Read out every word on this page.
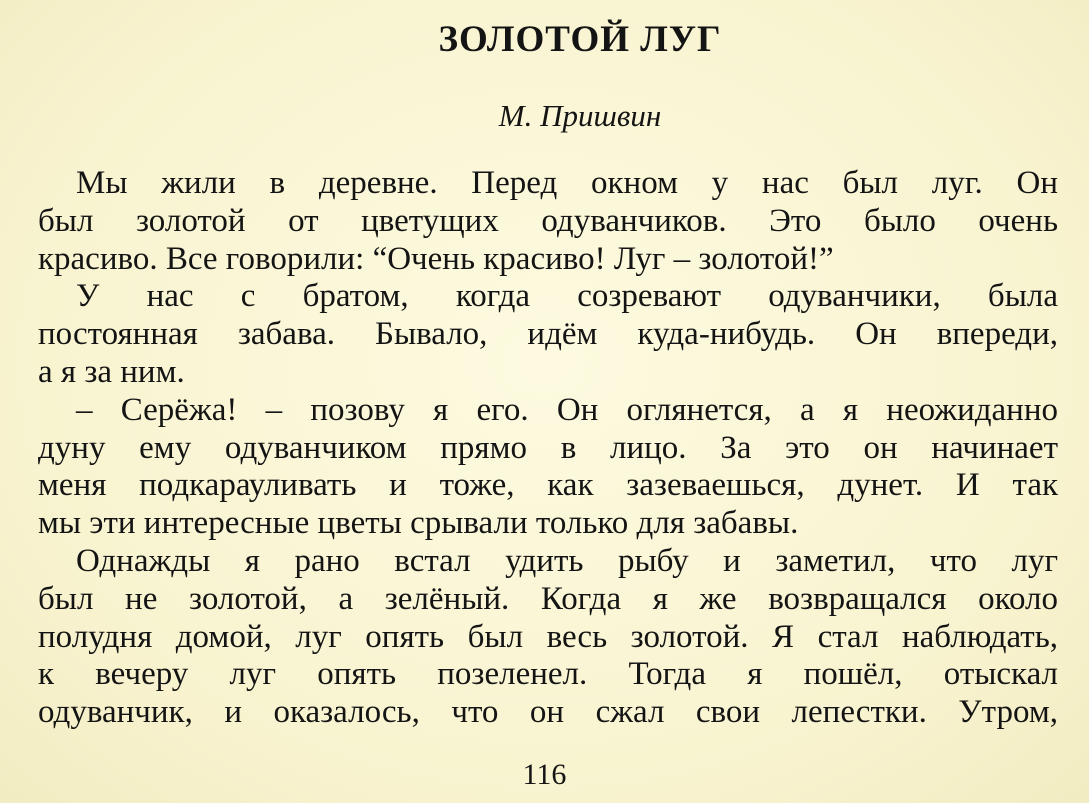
ЗОЛОТОЙ ЛУГ

М. Пришвин

Мы жили в деревне. Перед окном у нас был луг. Он
был золотой от цветущих одуванчиков. Это было очень
красиво. Все говорили: “Очень красиво! Луг – золотой!”
У нас с братом, когда созревают одуванчики, была
постоянная забава. Бывало, идём куда-нибудь. Он впереди,
а я за ним.
– Серёжа! – позову я его. Он оглянется, а я неожиданно
дуну ему одуванчиком прямо в лицо. За это он начинает
меня подкарауливать и тоже, как зазеваешься, дунет. И так
мы эти интересные цветы срывали только для забавы.
Однажды я рано встал удить рыбу и заметил, что луг
был не золотой, а зелёный. Когда я же возвращался около
полудня домой, луг опять был весь золотой. Я стал наблюдать,
к вечеру луг опять позеленел. Тогда я пошёл, отыскал
одуванчик, и оказалось, что он сжал свои лепестки. Утром,

116
